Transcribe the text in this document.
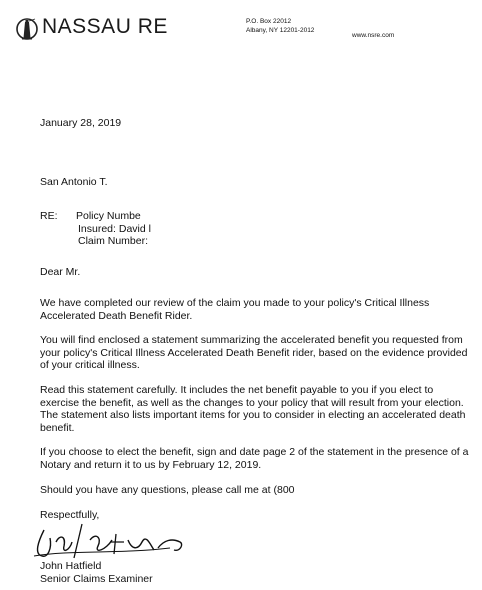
NASSAU RE	P.O. Box 22012
Albany, NY 12201-2012
www.nsre.com
January 28, 2019
San Antonio T.
RE: Policy Numbe
Insured: David l
Claim Number:
Dear Mr.

We have completed our review of the claim you made to your policy's Critical Illness Accelerated Death Benefit Rider.

You will find enclosed a statement summarizing the accelerated benefit you requested from your policy's Critical Illness Accelerated Death Benefit rider, based on the evidence provided of your critical illness.

Read this statement carefully. It includes the net benefit payable to you if you elect to exercise the benefit, as well as the changes to your policy that will result from your election. The statement also lists important items for you to consider in electing an accelerated death benefit.

If you choose to elect the benefit, sign and date page 2 of the statement in the presence of a Notary and return it to us by February 12, 2019.

Should you have any questions, please call me at (800

Respectfully,
John Hatfield
Senior Claims Examiner
